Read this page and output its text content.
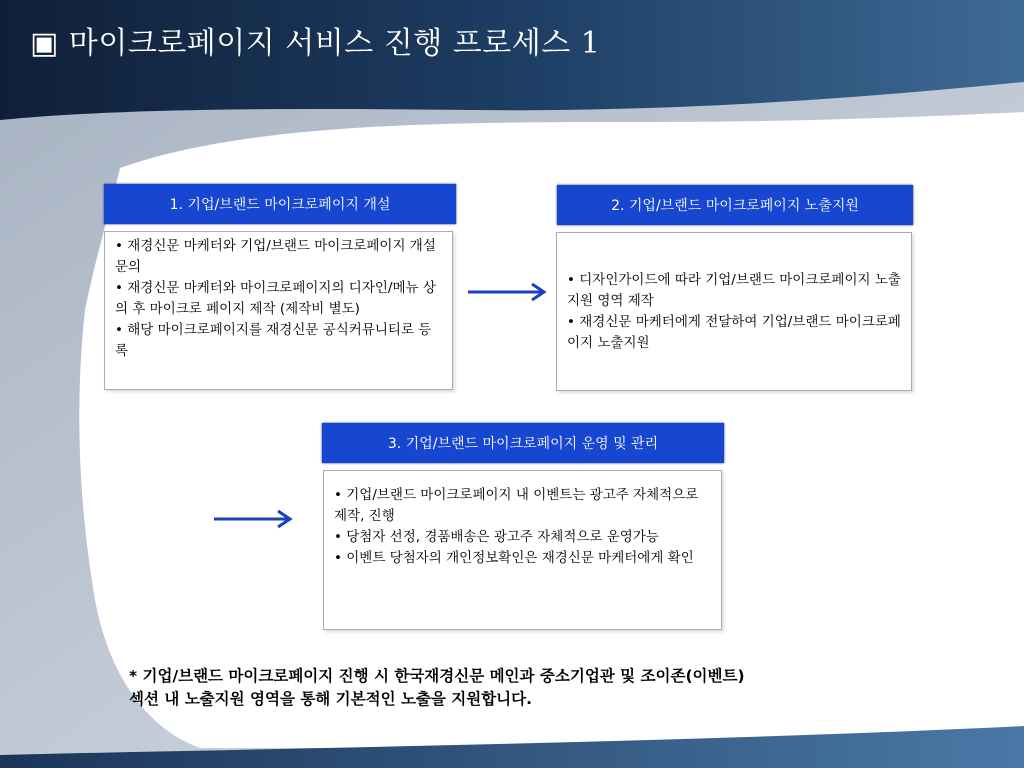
▣ 마이크로페이지 서비스 진행 프로세스 1
1. 기업/브랜드 마이크로페이지 개설

• 재경신문 마케터와 기업/브랜드 마이크로페이지 개설문의

• 재경신문 마케터와 마이크로페이지의 디자인/메뉴 상의 후 마이크로 페이지 제작 (제작비 별도)

• 해당 마이크로페이지를 재경신문 공식커뮤니티로 등록

2. 기업/브랜드 마이크로페이지 노출지원

• 디자인가이드에 따라 기업/브랜드 마이크로페이지 노출지원 영역 제작

• 재경신문 마케터에게 전달하여 기업/브랜드 마이크로페이지 노출지원

3. 기업/브랜드 마이크로페이지 운영 및 관리

• 기업/브랜드 마이크로페이지 내 이벤트는 광고주 자체적으로 제작, 진행

• 당첨자 선정, 경품배송은 광고주 자체적으로 운영가능

• 이벤트 당첨자의 개인정보확인은 재경신문 마케터에게 확인

* 기업/브랜드 마이크로페이지 진행 시 한국재경신문 메인과 중소기업관 및 조이존(이벤트)
섹션 내 노출지원 영역을 통해 기본적인 노출을 지원합니다.
